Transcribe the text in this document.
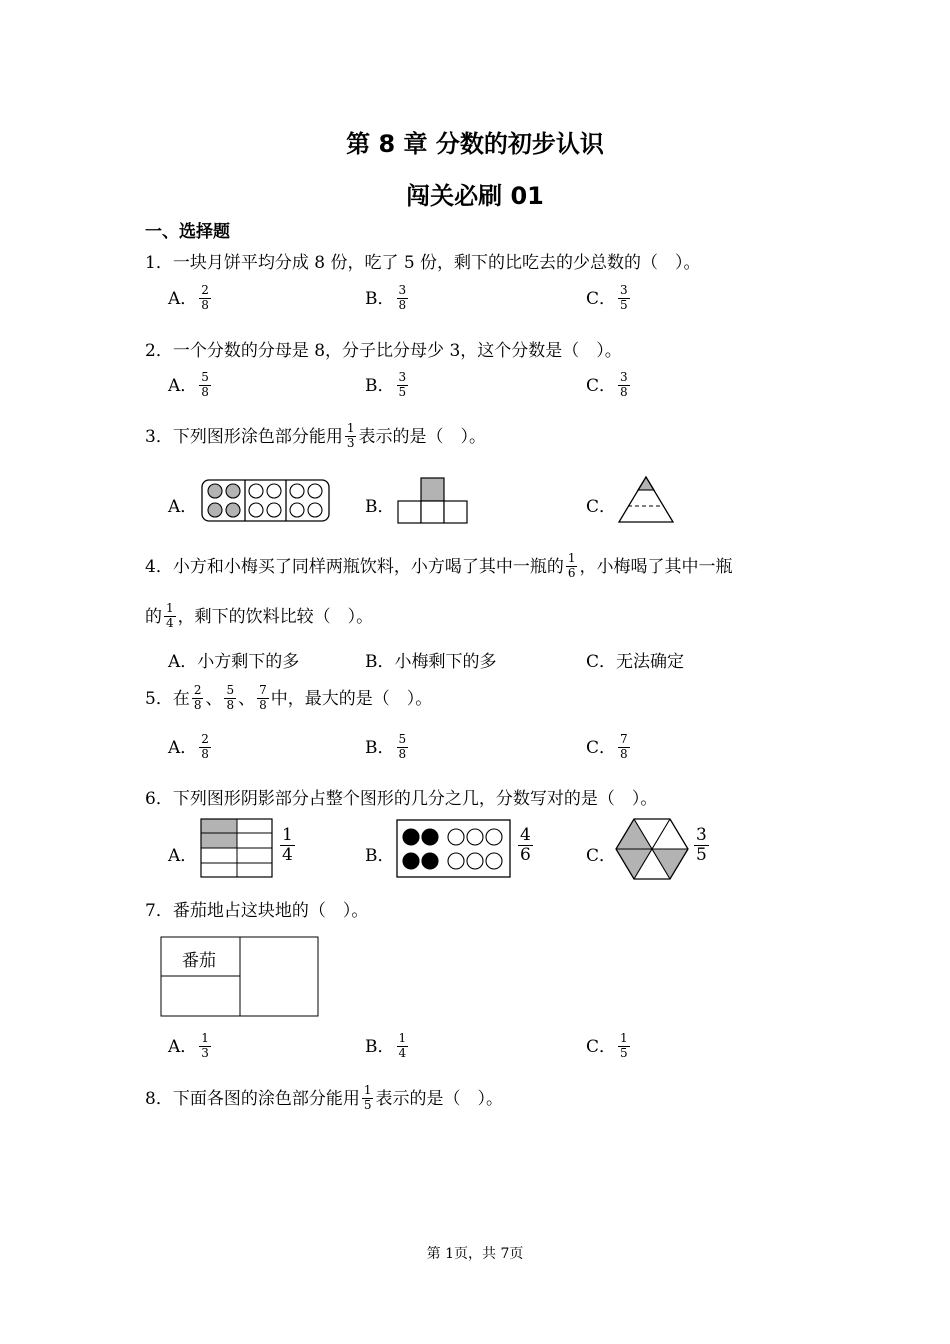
第 8 章 分数的初步认识
闯关必刷 01
一、选择题
1．一块月饼平均分成 8 份，吃了 5 份，剩下的比吃去的少总数的（　）。
A． $\frac{2}{8}$	B． $\frac{3}{8}$	C． $\frac{3}{5}$
2．一个分数的分母是 8，分子比分母少 3，这个分数是（　）。
A． $\frac{5}{8}$	B． $\frac{3}{5}$	C． $\frac{3}{8}$
3．下列图形涂色部分能用 $\frac{1}{3}$ 表示的是（　）。
A．	B．	C．
4．小方和小梅买了同样两瓶饮料，小方喝了其中一瓶的 $\frac{1}{6}$ ，小梅喝了其中一瓶
的 $\frac{1}{4}$ ，剩下的饮料比较（　）。
A．小方剩下的多	B．小梅剩下的多	C．无法确定
5．在 $\frac{2}{8}$ 、 $\frac{5}{8}$ 、 $\frac{7}{8}$ 中，最大的是（　）。
A． $\frac{2}{8}$	B． $\frac{5}{8}$	C． $\frac{7}{8}$
6．下列图形阴影部分占整个图形的几分之几，分数写对的是（　）。
A．	$\frac{1}{4}$	B．	$\frac{4}{6}$	C．	$\frac{3}{5}$
7．番茄地占这块地的（　）。
番茄
A． $\frac{1}{3}$	B． $\frac{1}{4}$	C． $\frac{1}{5}$
8．下面各图的涂色部分能用 $\frac{1}{5}$ 表示的是（　）。
第 1页，共 7页
